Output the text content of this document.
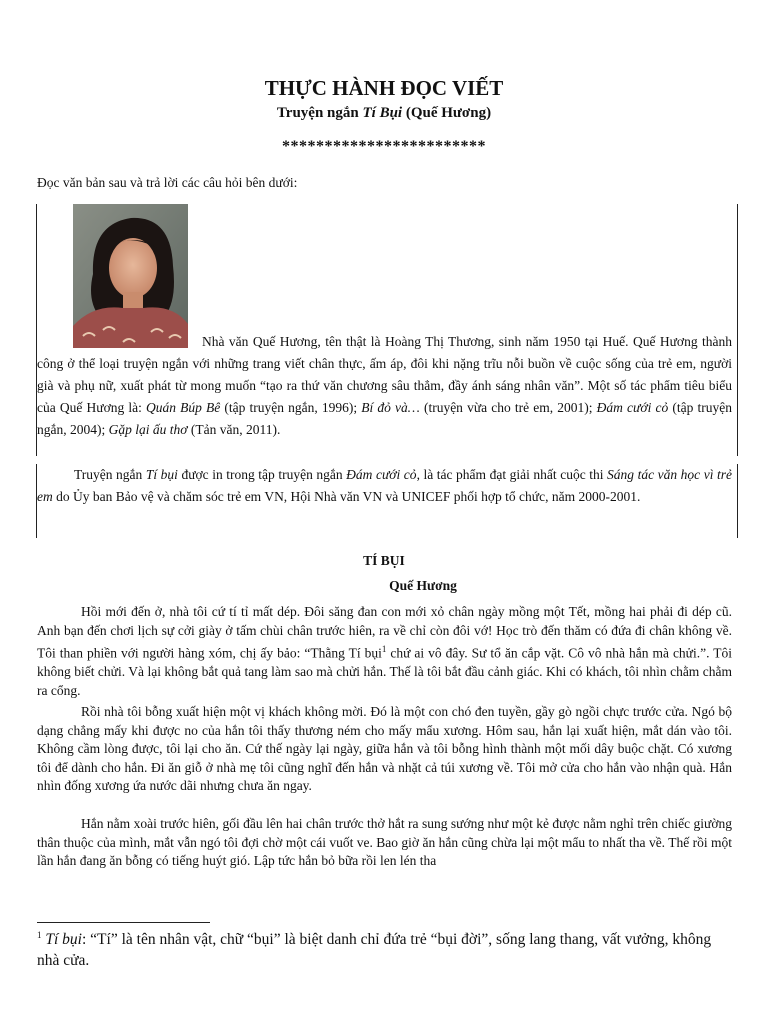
THỰC HÀNH ĐỌC VIẾT
Truyện ngắn Tí Bụi (Quế Hương)
************************
Đọc văn bản sau và trả lời các câu hỏi bên dưới:
Nhà văn Quế Hương, tên thật là Hoàng Thị Thương, sinh năm 1950 tại Huế. Quế Hương thành công ở thể loại truyện ngắn với những trang viết chân thực, ấm áp, đôi khi nặng trĩu nỗi buồn về cuộc sống của trẻ em, người già và phụ nữ, xuất phát từ mong muốn “tạo ra thứ văn chương sâu thẳm, đầy ánh sáng nhân văn”. Một số tác phẩm tiêu biểu của Quế Hương là: Quán Búp Bê (tập truyện ngắn, 1996); Bí đỏ và… (truyện vừa cho trẻ em, 2001); Đám cưới cỏ (tập truyện ngắn, 2004); Gặp lại ấu thơ (Tản văn, 2011).
Truyện ngắn Tí bụi được in trong tập truyện ngắn Đám cưới cỏ, là tác phẩm đạt giải nhất cuộc thi Sáng tác văn học vì trẻ em do Ủy ban Bảo vệ và chăm sóc trẻ em VN, Hội Nhà văn VN và UNICEF phối hợp tổ chức, năm 2000-2001.
TÍ BỤI
Quế Hương
Hồi mới đến ở, nhà tôi cứ tí tỉ mất dép. Đôi săng đan con mới xỏ chân ngày mồng một Tết, mồng hai phải đi dép cũ. Anh bạn đến chơi lịch sự cởi giày ở tấm chùi chân trước hiên, ra về chỉ còn đôi vớ! Học trò đến thăm có đứa đi chân không về. Tôi than phiền với người hàng xóm, chị ấy bảo: “Thằng Tí bụi$^1$ chứ ai vô đây. Sư tổ ăn cắp vặt. Cô vô nhà hắn mà chửi.”. Tôi không biết chửi. Và lại không bắt quả tang làm sao mà chửi hắn. Thế là tôi bắt đầu cảnh giác. Khi có khách, tôi nhìn chằm chằm ra cổng.
Rồi nhà tôi bỗng xuất hiện một vị khách không mời. Đó là một con chó đen tuyền, gầy gò ngồi chực trước cửa. Ngó bộ dạng chẳng mấy khi được no của hắn tôi thấy thương ném cho mấy mẩu xương. Hôm sau, hắn lại xuất hiện, mắt dán vào tôi. Không cầm lòng được, tôi lại cho ăn. Cứ thế ngày lại ngày, giữa hắn và tôi bỗng hình thành một mối dây buộc chặt. Có xương tôi để dành cho hắn. Đi ăn giỗ ở nhà mẹ tôi cũng nghĩ đến hắn và nhặt cả túi xương về. Tôi mở cửa cho hắn vào nhận quà. Hắn nhìn đống xương ứa nước dãi nhưng chưa ăn ngay.
Hắn nằm xoài trước hiên, gối đầu lên hai chân trước thở hắt ra sung sướng như một kẻ được nằm nghỉ trên chiếc giường thân thuộc của mình, mắt vẫn ngó tôi đợi chờ một cái vuốt ve. Bao giờ ăn hắn cũng chừa lại một mẩu to nhất tha về. Thế rồi một lần hắn đang ăn bỗng có tiếng huýt gió. Lập tức hắn bỏ bữa rồi len lén tha
$^1$ Tí bụi: “Tí” là tên nhân vật, chữ “bụi” là biệt danh chỉ đứa trẻ “bụi đời”, sống lang thang, vất vưởng, không nhà cửa.
